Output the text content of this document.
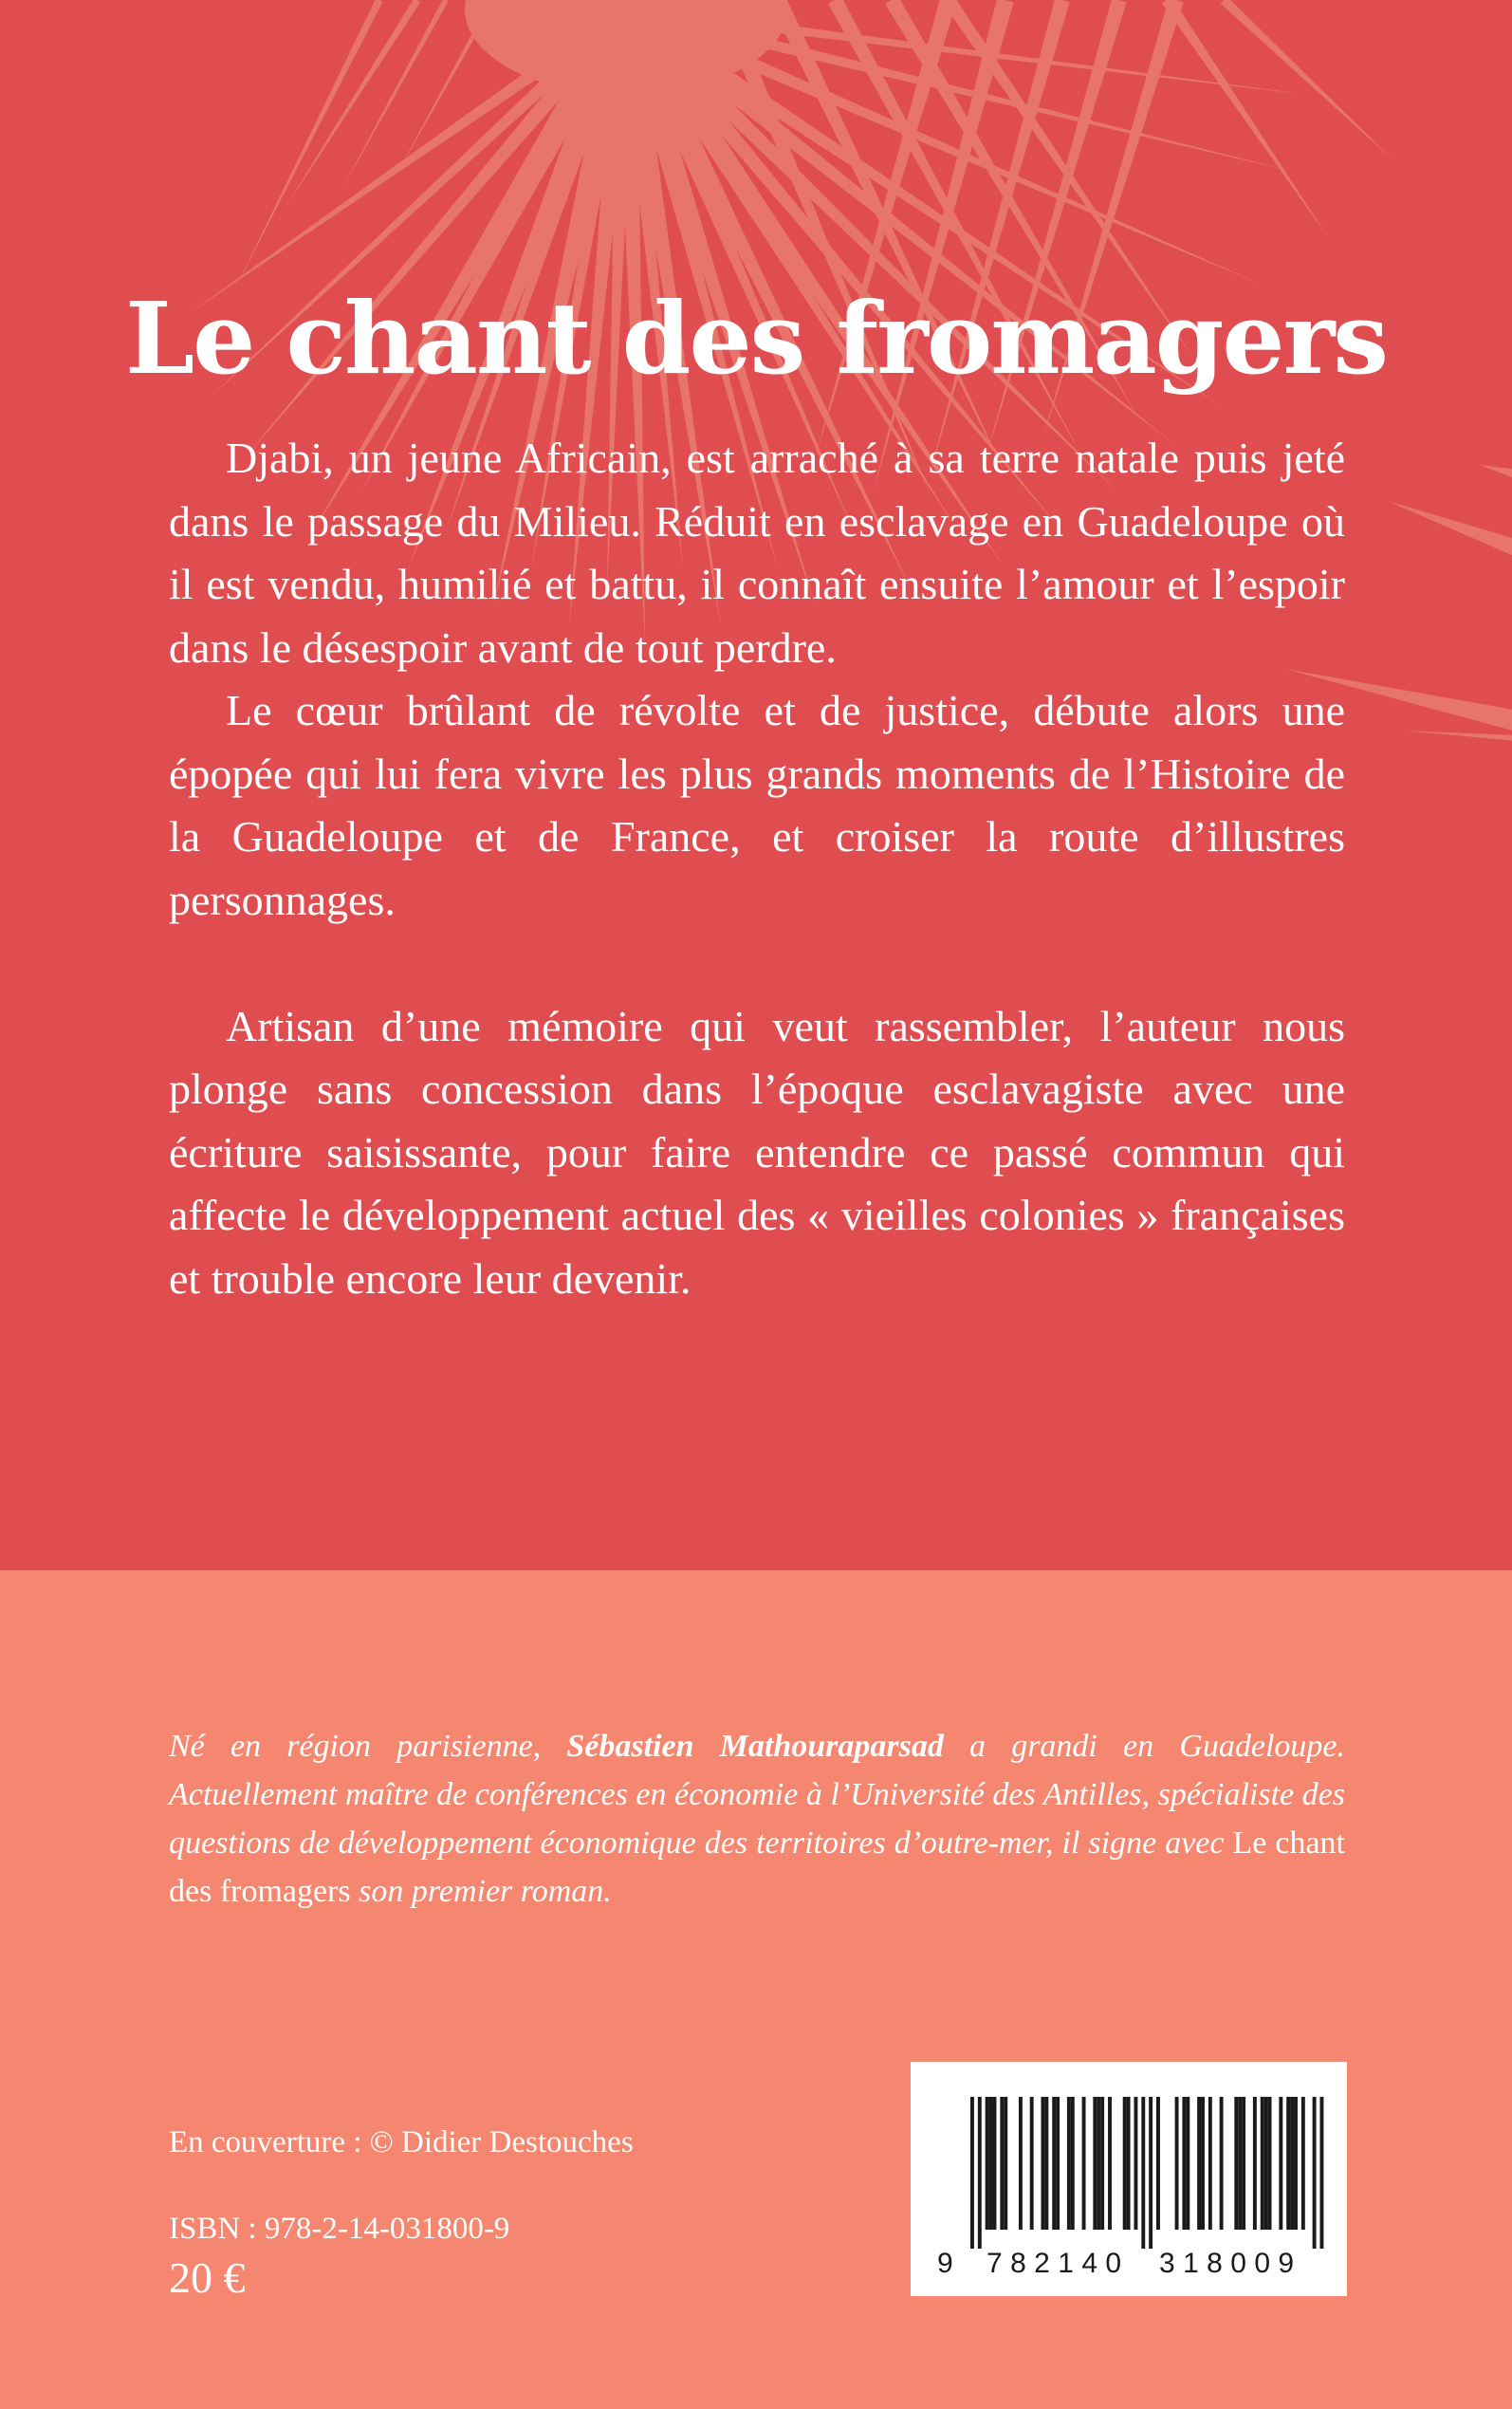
Le chant des fromagers

Djabi, un jeune Africain, est arraché à sa terre natale puis jeté dans le passage du Milieu. Réduit en esclavage en Guadeloupe où il est vendu, humilié et battu, il connaît ensuite l’amour et l’espoir dans le désespoir avant de tout perdre.

Le cœur brûlant de révolte et de justice, débute alors une épopée qui lui fera vivre les plus grands moments de l’Histoire de la Guadeloupe et de France, et croiser la route d’illustres personnages.

Artisan d’une mémoire qui veut rassembler, l’auteur nous plonge sans concession dans l’époque esclavagiste avec une écriture saisissante, pour faire entendre ce passé commun qui affecte le développement actuel des « vieilles colonies » françaises et trouble encore leur devenir.

Né en région parisienne, Sébastien Mathouraparsad a grandi en Guadeloupe. Actuellement maître de conférences en économie à l’Université des Antilles, spécialiste des questions de développement économique des territoires d’outre-mer, il signe avec Le chant des fromagers son premier roman.

En couverture : © Didier Destouches
ISBN : 978-2-14-031800-9
20 €	9 782140 318009
